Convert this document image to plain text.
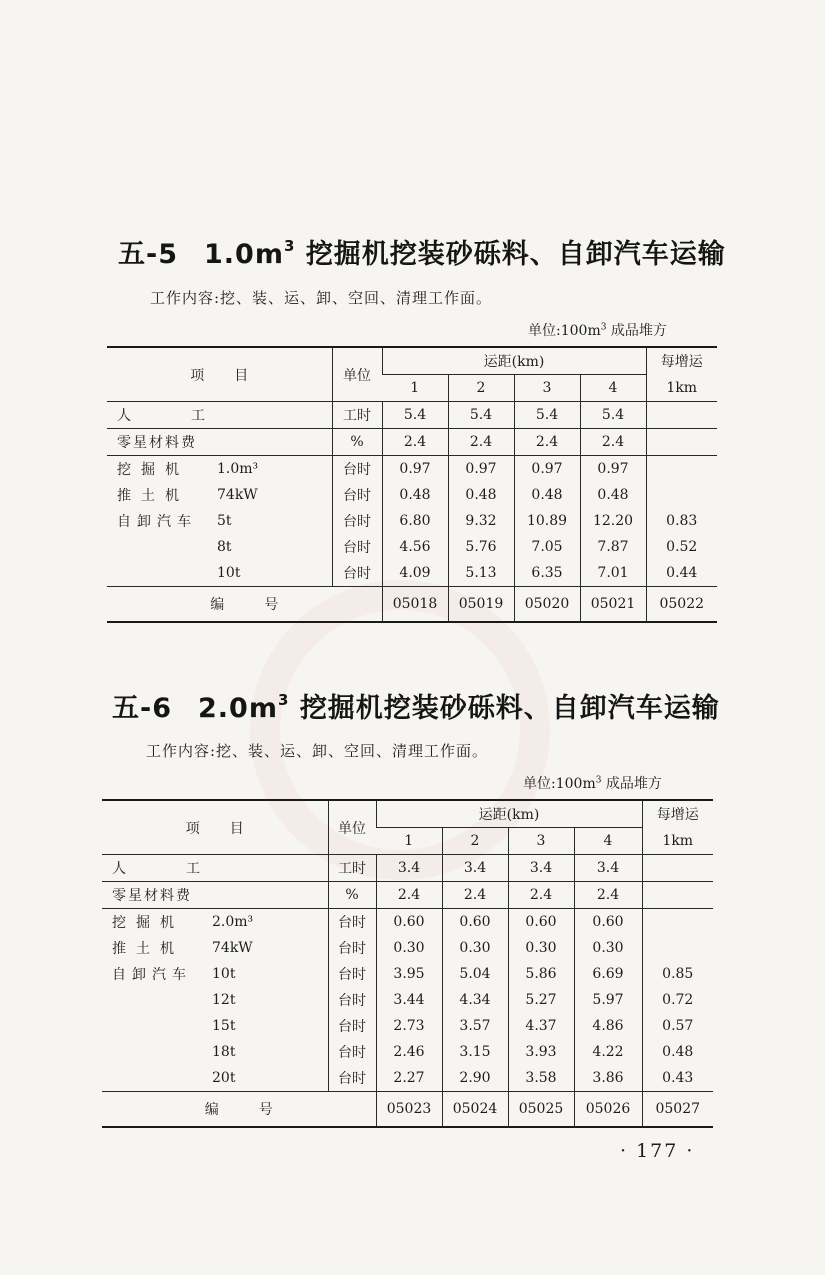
五-5 $1.0m^3$ 挖掘机挖装砂砾料、自卸汽车运输
工作内容:挖、装、运、卸、空回、清理工作面。
单位$:100m^3$ 成品堆方
项目	单位	运距(km)				每增运
		1	2	3	4	1km
人工	工时	5.4	5.4	5.4	5.4	
零星材料费	%	2.4	2.4	2.4	2.4	
挖掘机 1.0m³	台时	0.97	0.97	0.97	0.97	
推土机 74kW	台时	0.48	0.48	0.48	0.48	
自卸汽车 5t	台时	6.80	9.32	10.89	12.20	0.83

8t	台时	4.56	5.76	7.05	7.87	0.52

10t	台时	4.09	5.13	6.35	7.01	0.44
编号		05018	05019	05020	05021	05022
五-6 $2.0m^3$ 挖掘机挖装砂砾料、自卸汽车运输
工作内容:挖、装、运、卸、空回、清理工作面。
单位$:100m^3$ 成品堆方
项目	单位	运距(km)				每增运
		1	2	3	4	1km
人工	工时	3.4	3.4	3.4	3.4	
零星材料费	%	2.4	2.4	2.4	2.4	
挖掘机 2.0m³	台时	0.60	0.60	0.60	0.60	
推土机 74kW	台时	0.30	0.30	0.30	0.30	
自卸汽车 10t	台时	3.95	5.04	5.86	6.69	0.85

12t	台时	3.44	4.34	5.27	5.97	0.72

15t	台时	2.73	3.57	4.37	4.86	0.57

18t	台时	2.46	3.15	3.93	4.22	0.48

20t	台时	2.27	2.90	3.58	3.86	0.43
编号		05023	05024	05025	05026	05027
· 177 ·
